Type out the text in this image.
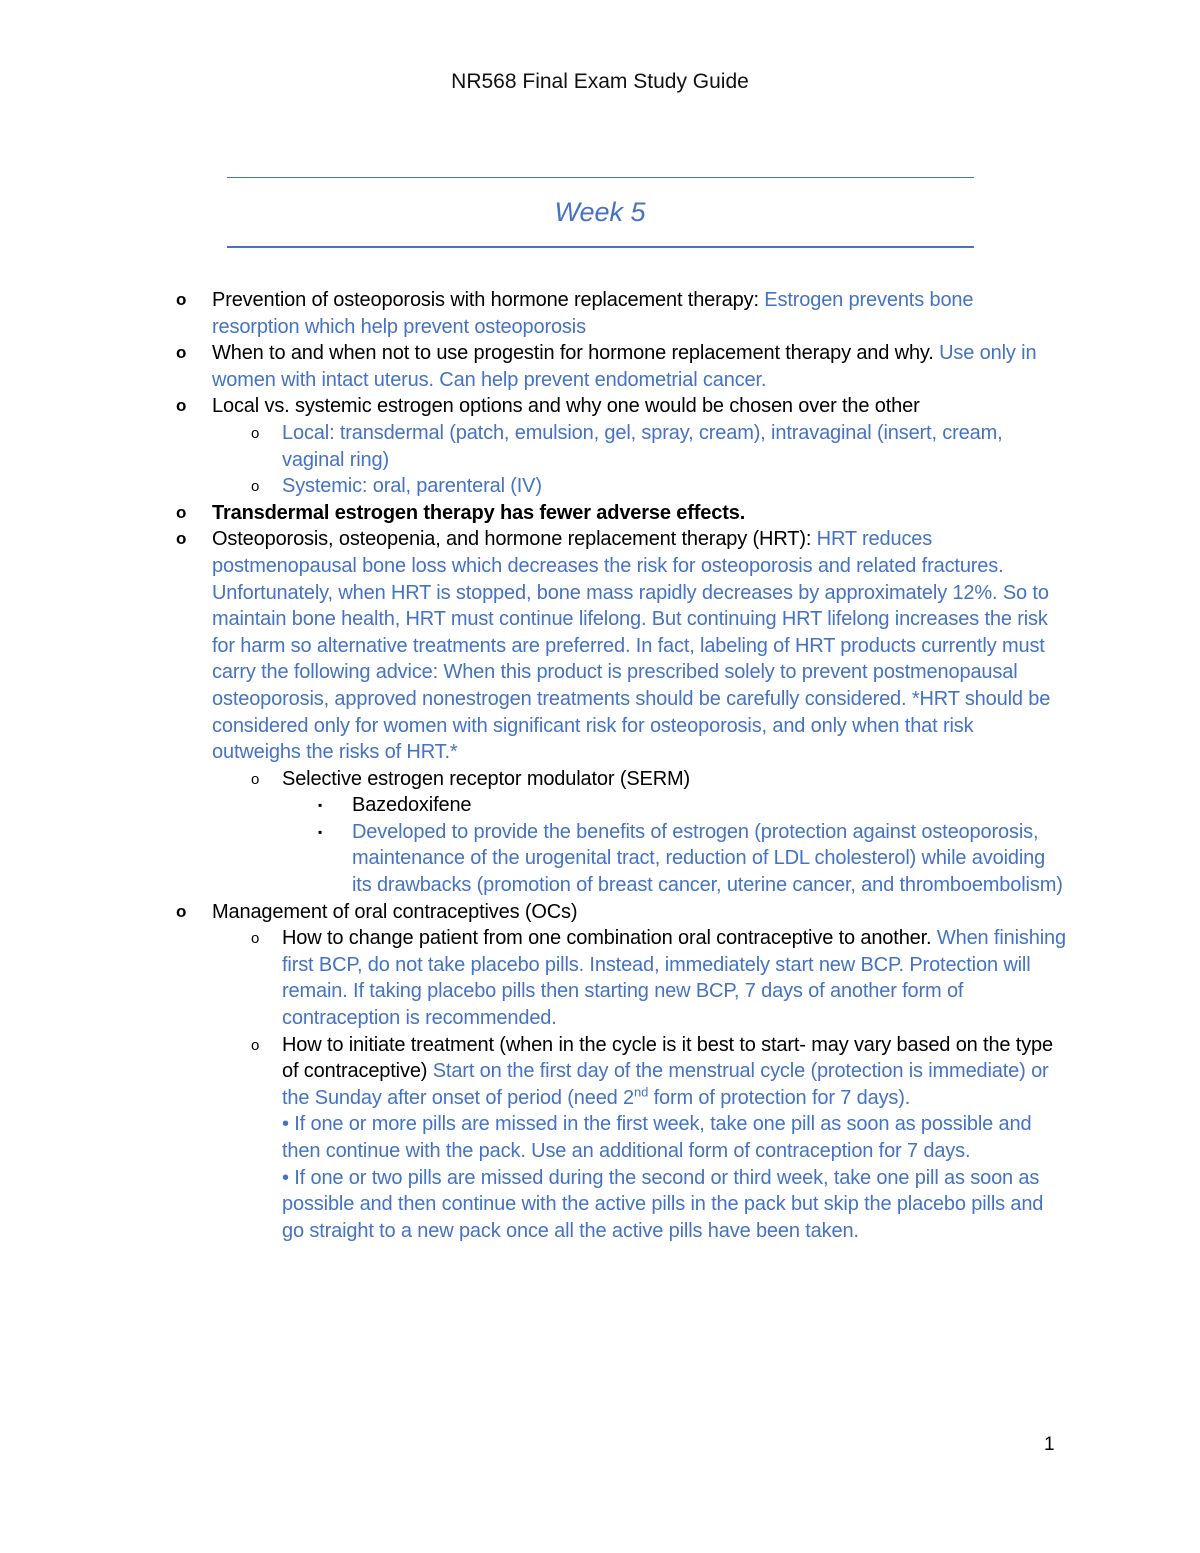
NR568 Final Exam Study Guide
Week 5
o Prevention of osteoporosis with hormone replacement therapy: Estrogen prevents bone resorption which help prevent osteoporosis
o When to and when not to use progestin for hormone replacement therapy and why. Use only in women with intact uterus. Can help prevent endometrial cancer.
o Local vs. systemic estrogen options and why one would be chosen over the other
o Local: transdermal (patch, emulsion, gel, spray, cream), intravaginal (insert, cream, vaginal ring)
o Systemic: oral, parenteral (IV)
o Transdermal estrogen therapy has fewer adverse effects.
o Osteoporosis, osteopenia, and hormone replacement therapy (HRT): HRT reduces postmenopausal bone loss which decreases the risk for osteoporosis and related fractures. Unfortunately, when HRT is stopped, bone mass rapidly decreases by approximately 12%. So to maintain bone health, HRT must continue lifelong. But continuing HRT lifelong increases the risk for harm so alternative treatments are preferred. In fact, labeling of HRT products currently must carry the following advice: When this product is prescribed solely to prevent postmenopausal osteoporosis, approved nonestrogen treatments should be carefully considered. *HRT should be considered only for women with significant risk for osteoporosis, and only when that risk outweighs the risks of HRT.*
o Selective estrogen receptor modulator (SERM)
▪ Bazedoxifene
▪ Developed to provide the benefits of estrogen (protection against osteoporosis, maintenance of the urogenital tract, reduction of LDL cholesterol) while avoiding its drawbacks (promotion of breast cancer, uterine cancer, and thromboembolism)
o Management of oral contraceptives (OCs)
o How to change patient from one combination oral contraceptive to another. When finishing first BCP, do not take placebo pills. Instead, immediately start new BCP. Protection will remain. If taking placebo pills then starting new BCP, 7 days of another form of contraception is recommended.
o How to initiate treatment (when in the cycle is it best to start- may vary based on the type of contraceptive) Start on the first day of the menstrual cycle (protection is immediate) or the Sunday after onset of period (need 2nd form of protection for 7 days).
• If one or more pills are missed in the first week, take one pill as soon as possible and then continue with the pack. Use an additional form of contraception for 7 days.
• If one or two pills are missed during the second or third week, take one pill as soon as possible and then continue with the active pills in the pack but skip the placebo pills and go straight to a new pack once all the active pills have been taken.
1
